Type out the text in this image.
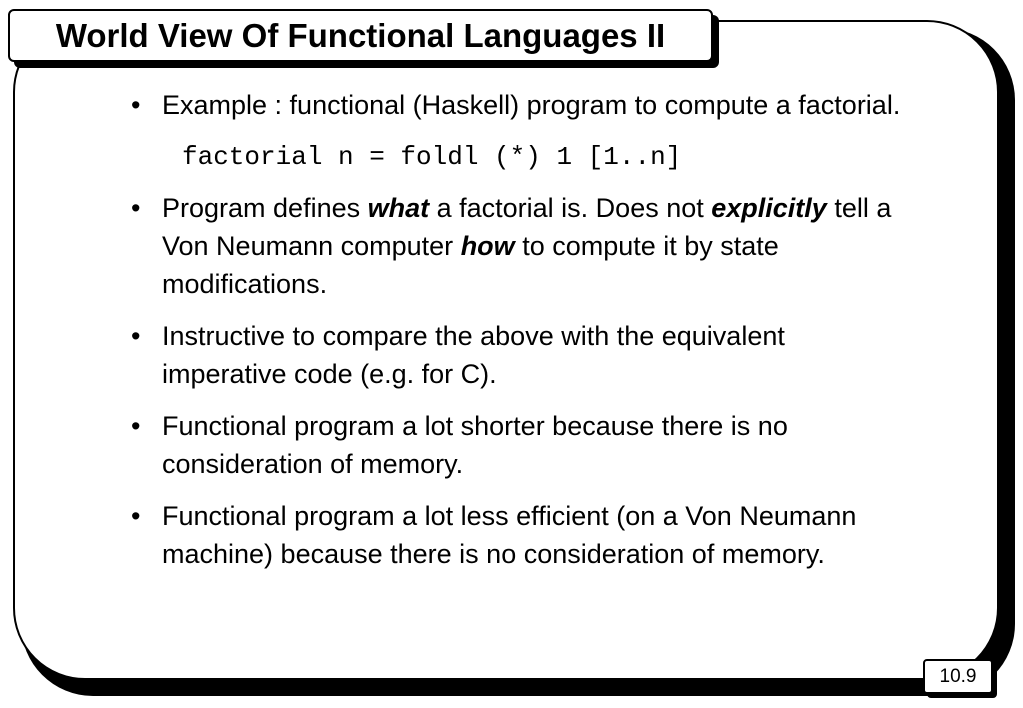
World View Of Functional Languages II
• Example : functional (Haskell) program to compute a factorial.
factorial n = foldl (*) 1 [1..n]
• Program defines what a factorial is. Does not explicitly tell a Von Neumann computer how to compute it by state modifications.
• Instructive to compare the above with the equivalent imperative code (e.g. for C).
• Functional program a lot shorter because there is no consideration of memory.
• Functional program a lot less efficient (on a Von Neumann machine) because there is no consideration of memory.
10.9
